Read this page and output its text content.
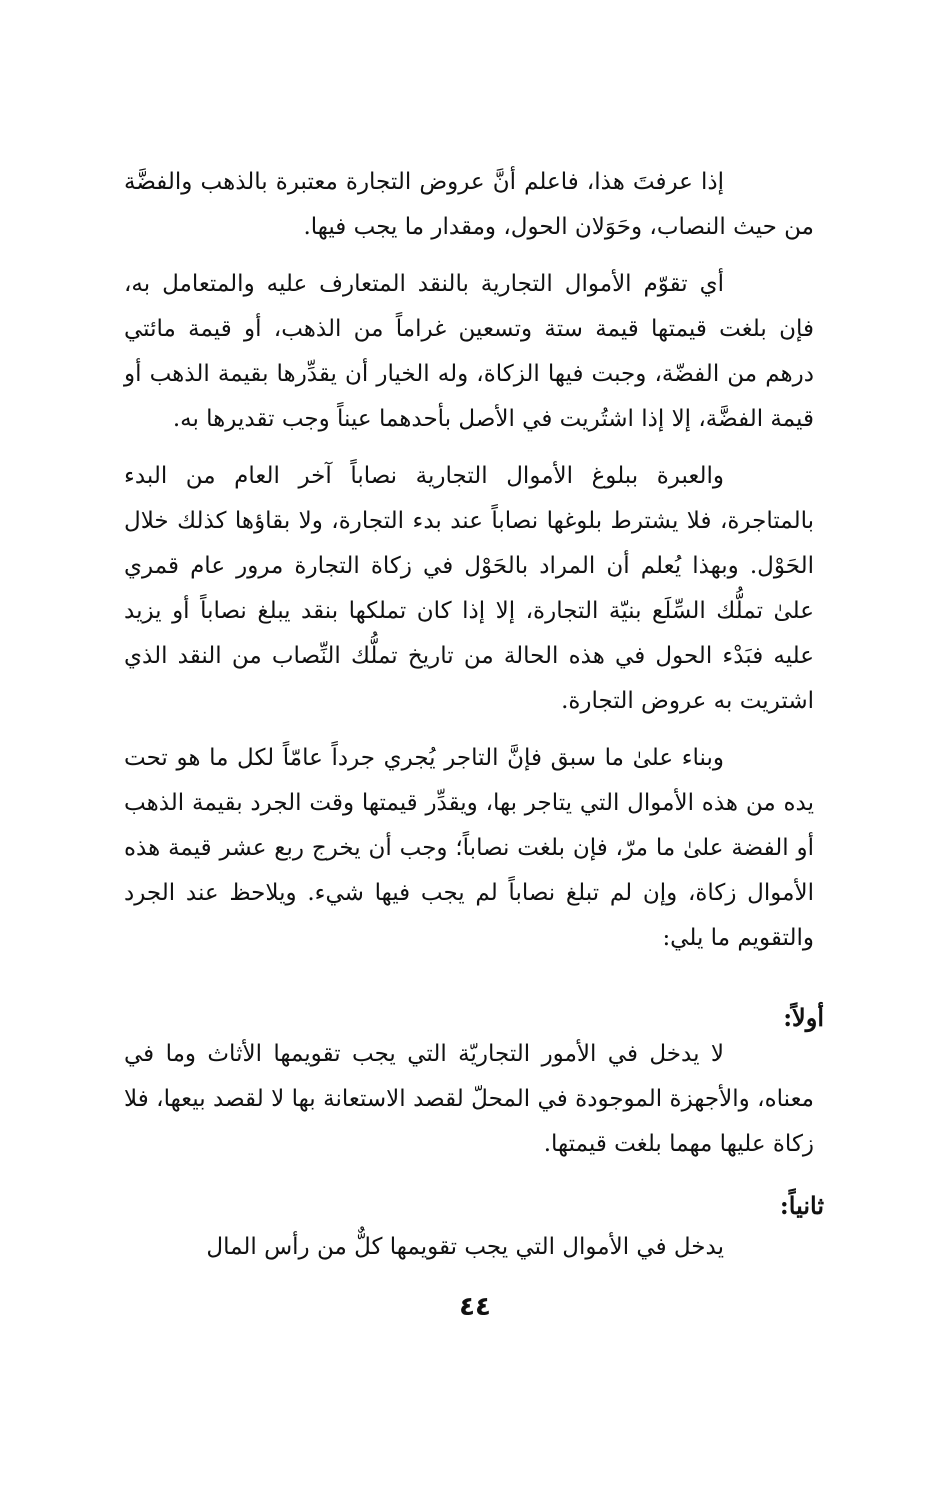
إذا عرفتَ هذا، فاعلم أنَّ عروض التجارة معتبرة بالذهب والفضَّة من حيث النصاب، وحَوَلان الحول، ومقدار ما يجب فيها.

أي تقوّم الأموال التجارية بالنقد المتعارف عليه والمتعامل به، فإن بلغت قيمتها قيمة ستة وتسعين غراماً من الذهب، أو قيمة مائتي درهم من الفضّة، وجبت فيها الزكاة، وله الخيار أن يقدِّرها بقيمة الذهب أو قيمة الفضَّة، إلا إذا اشتُريت في الأصل بأحدهما عيناً وجب تقديرها به.

والعبرة ببلوغ الأموال التجارية نصاباً آخر العام من البدء بالمتاجرة، فلا يشترط بلوغها نصاباً عند بدء التجارة، ولا بقاؤها كذلك خلال الحَوْل. وبهذا يُعلم أن المراد بالحَوْل في زكاة التجارة مرور عام قمري علىٰ تملُّك السِّلَع بنيّة التجارة، إلا إذا كان تملكها بنقد يبلغ نصاباً أو يزيد عليه فبَدْء الحول في هذه الحالة من تاريخ تملُّك النِّصاب من النقد الذي اشتريت به عروض التجارة.

وبناء علىٰ ما سبق فإنَّ التاجر يُجري جرداً عامّاً لكل ما هو تحت يده من هذه الأموال التي يتاجر بها، ويقدِّر قيمتها وقت الجرد بقيمة الذهب أو الفضة علىٰ ما مرّ، فإن بلغت نصاباً؛ وجب أن يخرج ربع عشر قيمة هذه الأموال زكاة، وإن لم تبلغ نصاباً لم يجب فيها شيء. ويلاحظ عند الجرد والتقويم ما يلي:

أولاً:

لا يدخل في الأمور التجاريّة التي يجب تقويمها الأثاث وما في معناه، والأجهزة الموجودة في المحلّ لقصد الاستعانة بها لا لقصد بيعها، فلا زكاة عليها مهما بلغت قيمتها.

ثانياً:

يدخل في الأموال التي يجب تقويمها كلٌّ من رأس المال

٤٤
